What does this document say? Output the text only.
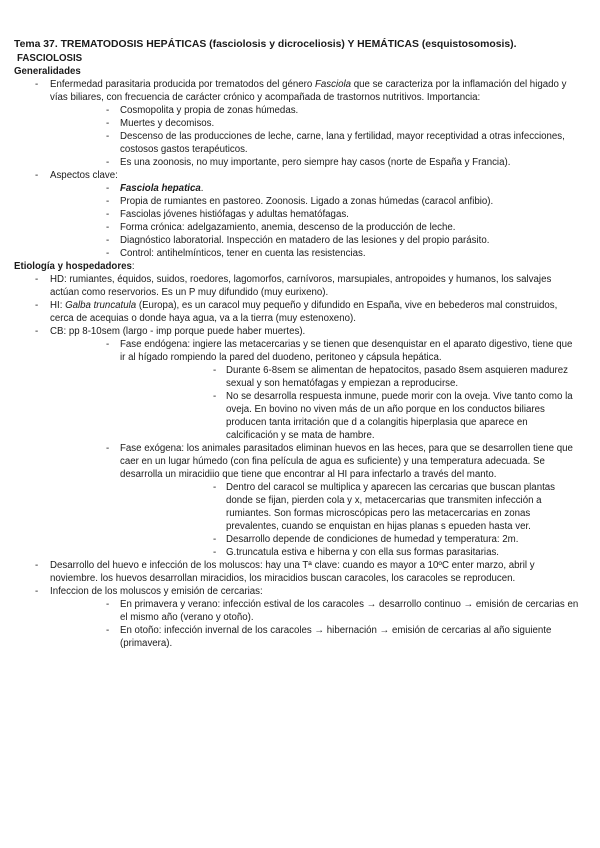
Tema 37. TREMATODOSIS HEPÁTICAS (fasciolosis y dicroceliosis) Y HEMÁTICAS (esquistosomosis).
FASCIOLOSIS
Generalidades
- Enfermedad parasitaria producida por trematodos del género Fasciola que se caracteriza por la inflamación del higado y vías biliares, con frecuencia de carácter crónico y acompañada de trastornos nutritivos. Importancia:
- Cosmopolita y propia de zonas húmedas.
- Muertes y decomisos.
- Descenso de las producciones de leche, carne, lana y fertilidad, mayor receptividad a otras infecciones, costosos gastos terapéuticos.
- Es una zoonosis, no muy importante, pero siempre hay casos (norte de España y Francia).
- Aspectos clave:
- Fasciola hepatica.
- Propia de rumiantes en pastoreo. Zoonosis. Ligado a zonas húmedas (caracol anfibio).
- Fasciolas jóvenes histiófagas y adultas hematófagas.
- Forma crónica: adelgazamiento, anemia, descenso de la producción de leche.
- Diagnóstico laboratorial. Inspección en matadero de las lesiones y del propio parásito.
- Control: antihelmínticos, tener en cuenta las resistencias.
Etiología y hospedadores:
- HD: rumiantes, équidos, suidos, roedores, lagomorfos, carnívoros, marsupiales, antropoides y humanos, los salvajes actúan como reservorios. Es un P muy difundido (muy eurixeno).
- HI: Galba truncatula (Europa), es un caracol muy pequeño y difundido en España, vive en bebederos mal construidos, cerca de acequias o donde haya agua, va a la tierra (muy estenoxeno).
- CB: pp 8-10sem (largo - imp porque puede haber muertes).
- Fase endógena: ingiere las metacercarias y se tienen que desenquistar en el aparato digestivo, tiene que ir al hígado rompiendo la pared del duodeno, peritoneo y cápsula hepática.
- Durante 6-8sem se alimentan de hepatocitos, pasado 8sem asquieren madurez sexual y son hematófagas y empiezan a reproducirse.
- No se desarrolla respuesta inmune, puede morir con la oveja. Vive tanto como la oveja. En bovino no viven más de un año porque en los conductos biliares producen tanta irritación que d a colangitis hiperplasia que aparece en calcificación y se mata de hambre.
- Fase exógena: los animales parasitados eliminan huevos en las heces, para que se desarrollen tiene que caer en un lugar húmedo (con fina película de agua es suficiente) y una temperatura adecuada. Se desarrolla un miracidiio que tiene que encontrar al HI para infectarlo a través del manto.
- Dentro del caracol se multiplica y aparecen las cercarias que buscan plantas donde se fijan, pierden cola y x, metacercarias que transmiten infección a rumiantes. Son formas microscópicas pero las metacercarias en zonas prevalentes, cuando se enquistan en hijas planas s epueden hasta ver.
- Desarrollo depende de condiciones de humedad y temperatura: 2m.
- G.truncatula estiva e hiberna y con ella sus formas parasitarias.
- Desarrollo del huevo e infección de los moluscos: hay una Tª clave: cuando es mayor a 10ºC enter marzo, abril y noviembre. los huevos desarrollan miracidios, los miracidios buscan caracoles, los caracoles se reproducen.
- Infeccion de los moluscos y emisión de cercarias:
- En primavera y verano: infección estival de los caracoles → desarrollo continuo → emisión de cercarias en el mismo año (verano y otoño).
- En otoño: infección invernal de los caracoles → hibernación → emisión de cercarias al año siguiente (primavera).
